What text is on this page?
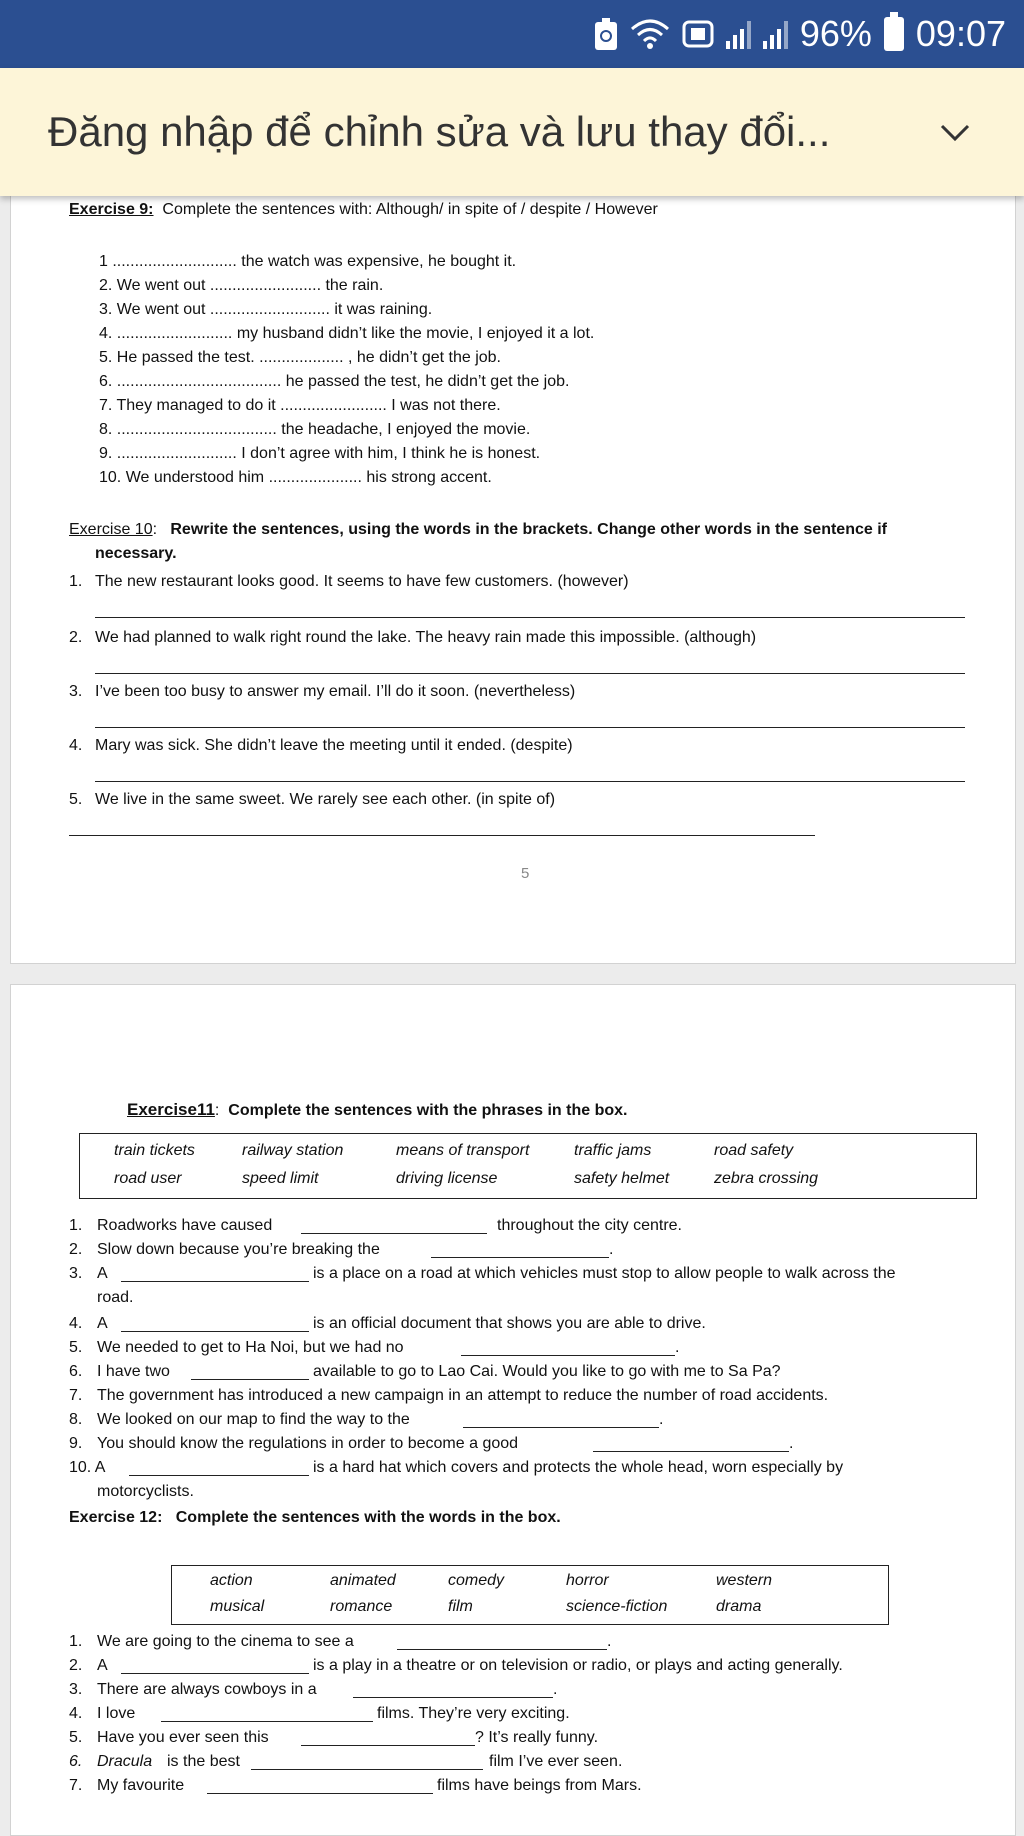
96% 09:07
Đăng nhập để chỉnh sửa và lưu thay đổi...
Exercise 9: Complete the sentences with: Although/ in spite of / despite / However
1 ............................ the watch was expensive, he bought it.
2. We went out ......................... the rain.
3. We went out ........................... it was raining.
4. .......................... my husband didn’t like the movie, I enjoyed it a lot.
5. He passed the test. ................... , he didn’t get the job.
6. ..................................... he passed the test, he didn’t get the job.
7. They managed to do it ........................ I was not there.
8. .................................... the headache, I enjoyed the movie.
9. ........................... I don’t agree with him, I think he is honest.
10. We understood him ..................... his strong accent.
Exercise 10:   Rewrite the sentences, using the words in the brackets. Change other words in the sentence if
necessary.
1. The new restaurant looks good. It seems to have few customers. (however)
2. We had planned to walk right round the lake. The heavy rain made this impossible. (although)
3. I’ve been too busy to answer my email. I’ll do it soon. (nevertheless)
4. Mary was sick. She didn’t leave the meeting until it ended. (despite)
5. We live in the same sweet. We rarely see each other. (in spite of)
5
Exercise11:  Complete the sentences with the phrases in the box.
train tickets	railway station	means of transport	traffic jams	road safety
road user	speed limit	driving license	safety helmet	zebra crossing
1. Roadworks have caused	throughout the city centre.
2. Slow down because you’re breaking the	.
3. A	is a place on a road at which vehicles must stop to allow people to walk across the
road.
4. A	is an official document that shows you are able to drive.
5. We needed to get to Ha Noi, but we had no	.
6. I have two	available to go to Lao Cai. Would you like to go with me to Sa Pa?
7. The government has introduced a new campaign in an attempt to reduce the number of road accidents.
8. We looked on our map to find the way to the	.
9. You should know the regulations in order to become a good	.
10. A	is a hard hat which covers and protects the whole head, worn especially by
motorcyclists.
Exercise 12: Complete the sentences with the words in the box.
action	animated	comedy	horror	western
musical	romance	film	science-fiction	drama
1. We are going to the cinema to see a	.
2. A	is a play in a theatre or on television or radio, or plays and acting generally.
3. There are always cowboys in a	.
4. I love	films. They’re very exciting.
5. Have you ever seen this	? It’s really funny.
6. Dracula is the best	film I’ve ever seen.
7. My favourite	films have beings from Mars.
